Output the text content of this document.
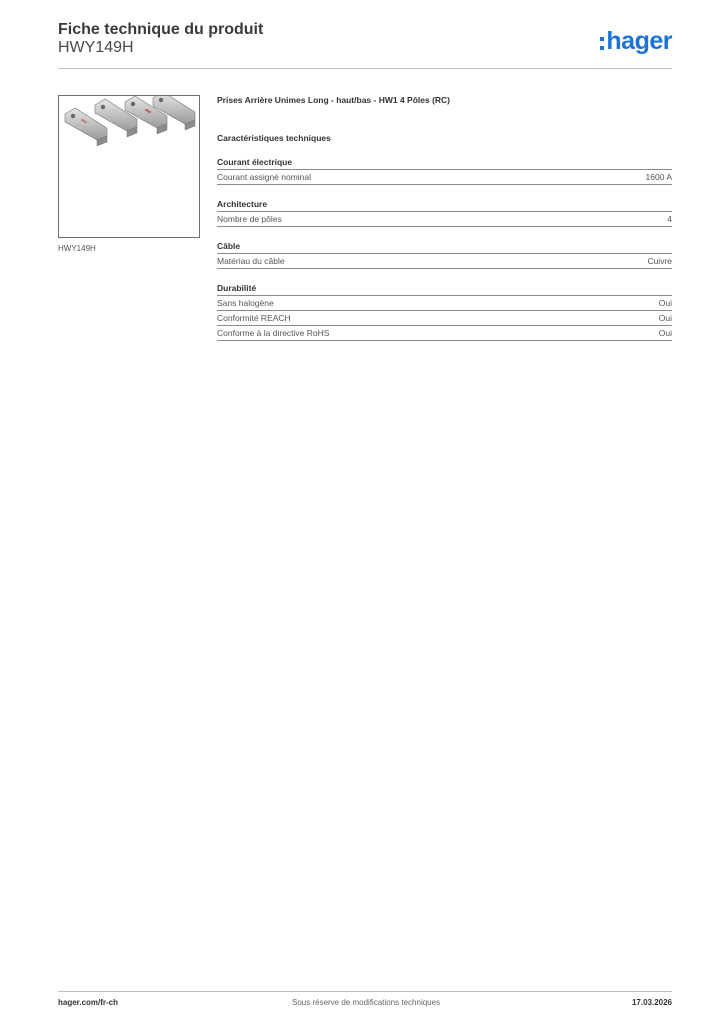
Fiche technique du produit
HWY149H	hager
HWY149H
Prises Arrière Unimes Long - haut/bas - HW1 4 Pôles (RC)
Caractéristiques techniques
Courant électrique
Courant assigné nominal	1600 A
Architecture
Nombre de pôles	4
Câble
Matériau du câble	Cuivre
Durabilité
Sans halogène	Oui
Conformité REACH	Oui
Conforme à la directive RoHS	Oui
hager.com/fr-ch	Sous réserve de modifications techniques	17.03.2026
